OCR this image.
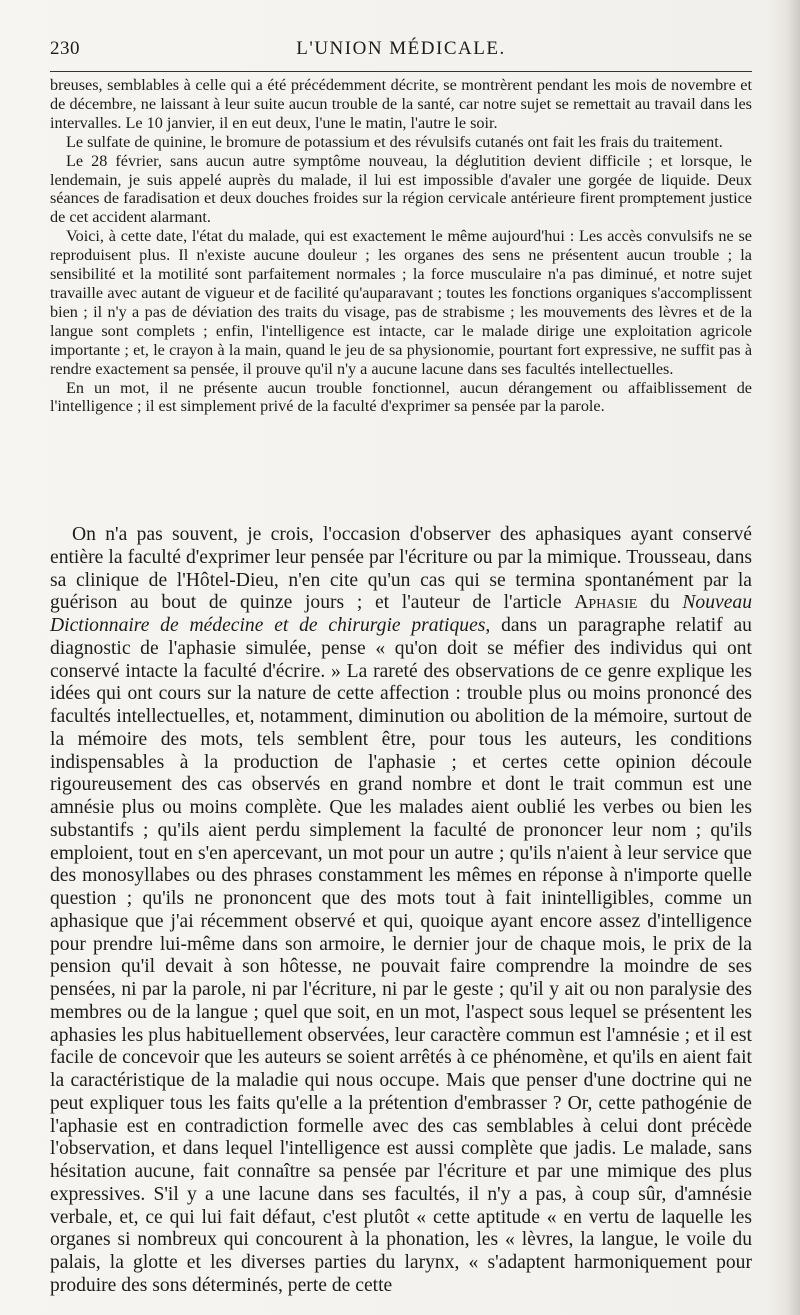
230	L'UNION MÉDICALE.

breuses, semblables à celle qui a été précédemment décrite, se montrèrent pendant les mois de novembre et de décembre, ne laissant à leur suite aucun trouble de la santé, car notre sujet se remettait au travail dans les intervalles. Le 10 janvier, il en eut deux, l'une le matin, l'autre le soir.

Le sulfate de quinine, le bromure de potassium et des révulsifs cutanés ont fait les frais du traitement.

Le 28 février, sans aucun autre symptôme nouveau, la déglutition devient difficile ; et lorsque, le lendemain, je suis appelé auprès du malade, il lui est impossible d'avaler une gorgée de liquide. Deux séances de faradisation et deux douches froides sur la région cervicale antérieure firent promptement justice de cet accident alarmant.

Voici, à cette date, l'état du malade, qui est exactement le même aujourd'hui : Les accès convulsifs ne se reproduisent plus. Il n'existe aucune douleur ; les organes des sens ne présentent aucun trouble ; la sensibilité et la motilité sont parfaitement normales ; la force musculaire n'a pas diminué, et notre sujet travaille avec autant de vigueur et de facilité qu'auparavant ; toutes les fonctions organiques s'accomplissent bien ; il n'y a pas de déviation des traits du visage, pas de strabisme ; les mouvements des lèvres et de la langue sont complets ; enfin, l'intelligence est intacte, car le malade dirige une exploitation agricole importante ; et, le crayon à la main, quand le jeu de sa physionomie, pourtant fort expressive, ne suffit pas à rendre exactement sa pensée, il prouve qu'il n'y a aucune lacune dans ses facultés intellectuelles.

En un mot, il ne présente aucun trouble fonctionnel, aucun dérangement ou affaiblissement de l'intelligence ; il est simplement privé de la faculté d'exprimer sa pensée par la parole.

On n'a pas souvent, je crois, l'occasion d'observer des aphasiques ayant conservé entière la faculté d'exprimer leur pensée par l'écriture ou par la mimique. Trousseau, dans sa clinique de l'Hôtel-Dieu, n'en cite qu'un cas qui se termina spontanément par la guérison au bout de quinze jours ; et l'auteur de l'article Aphasie du Nouveau Dictionnaire de médecine et de chirurgie pratiques, dans un paragraphe relatif au diagnostic de l'aphasie simulée, pense « qu'on doit se méfier des individus qui ont conservé intacte la faculté d'écrire. » La rareté des observations de ce genre explique les idées qui ont cours sur la nature de cette affection : trouble plus ou moins prononcé des facultés intellectuelles, et, notamment, diminution ou abolition de la mémoire, surtout de la mémoire des mots, tels semblent être, pour tous les auteurs, les conditions indispensables à la production de l'aphasie ; et certes cette opinion découle rigoureusement des cas observés en grand nombre et dont le trait commun est une amnésie plus ou moins complète. Que les malades aient oublié les verbes ou bien les substantifs ; qu'ils aient perdu simplement la faculté de prononcer leur nom ; qu'ils emploient, tout en s'en apercevant, un mot pour un autre ; qu'ils n'aient à leur service que des monosyllabes ou des phrases constamment les mêmes en réponse à n'importe quelle question ; qu'ils ne prononcent que des mots tout à fait inintelligibles, comme un aphasique que j'ai récemment observé et qui, quoique ayant encore assez d'intelligence pour prendre lui-même dans son armoire, le dernier jour de chaque mois, le prix de la pension qu'il devait à son hôtesse, ne pouvait faire comprendre la moindre de ses pensées, ni par la parole, ni par l'écriture, ni par le geste ; qu'il y ait ou non paralysie des membres ou de la langue ; quel que soit, en un mot, l'aspect sous lequel se présentent les aphasies les plus habituellement observées, leur caractère commun est l'amnésie ; et il est facile de concevoir que les auteurs se soient arrêtés à ce phénomène, et qu'ils en aient fait la caractéristique de la maladie qui nous occupe. Mais que penser d'une doctrine qui ne peut expliquer tous les faits qu'elle a la prétention d'embrasser ? Or, cette pathogénie de l'aphasie est en contradiction formelle avec des cas semblables à celui dont précède l'observation, et dans lequel l'intelligence est aussi complète que jadis. Le malade, sans hésitation aucune, fait connaître sa pensée par l'écriture et par une mimique des plus expressives. S'il y a une lacune dans ses facultés, il n'y a pas, à coup sûr, d'amnésie verbale, et, ce qui lui fait défaut, c'est plutôt « cette aptitude « en vertu de laquelle les organes si nombreux qui concourent à la phonation, les « lèvres, la langue, le voile du palais, la glotte et les diverses parties du larynx, « s'adaptent harmoniquement pour produire des sons déterminés, perte de cette
